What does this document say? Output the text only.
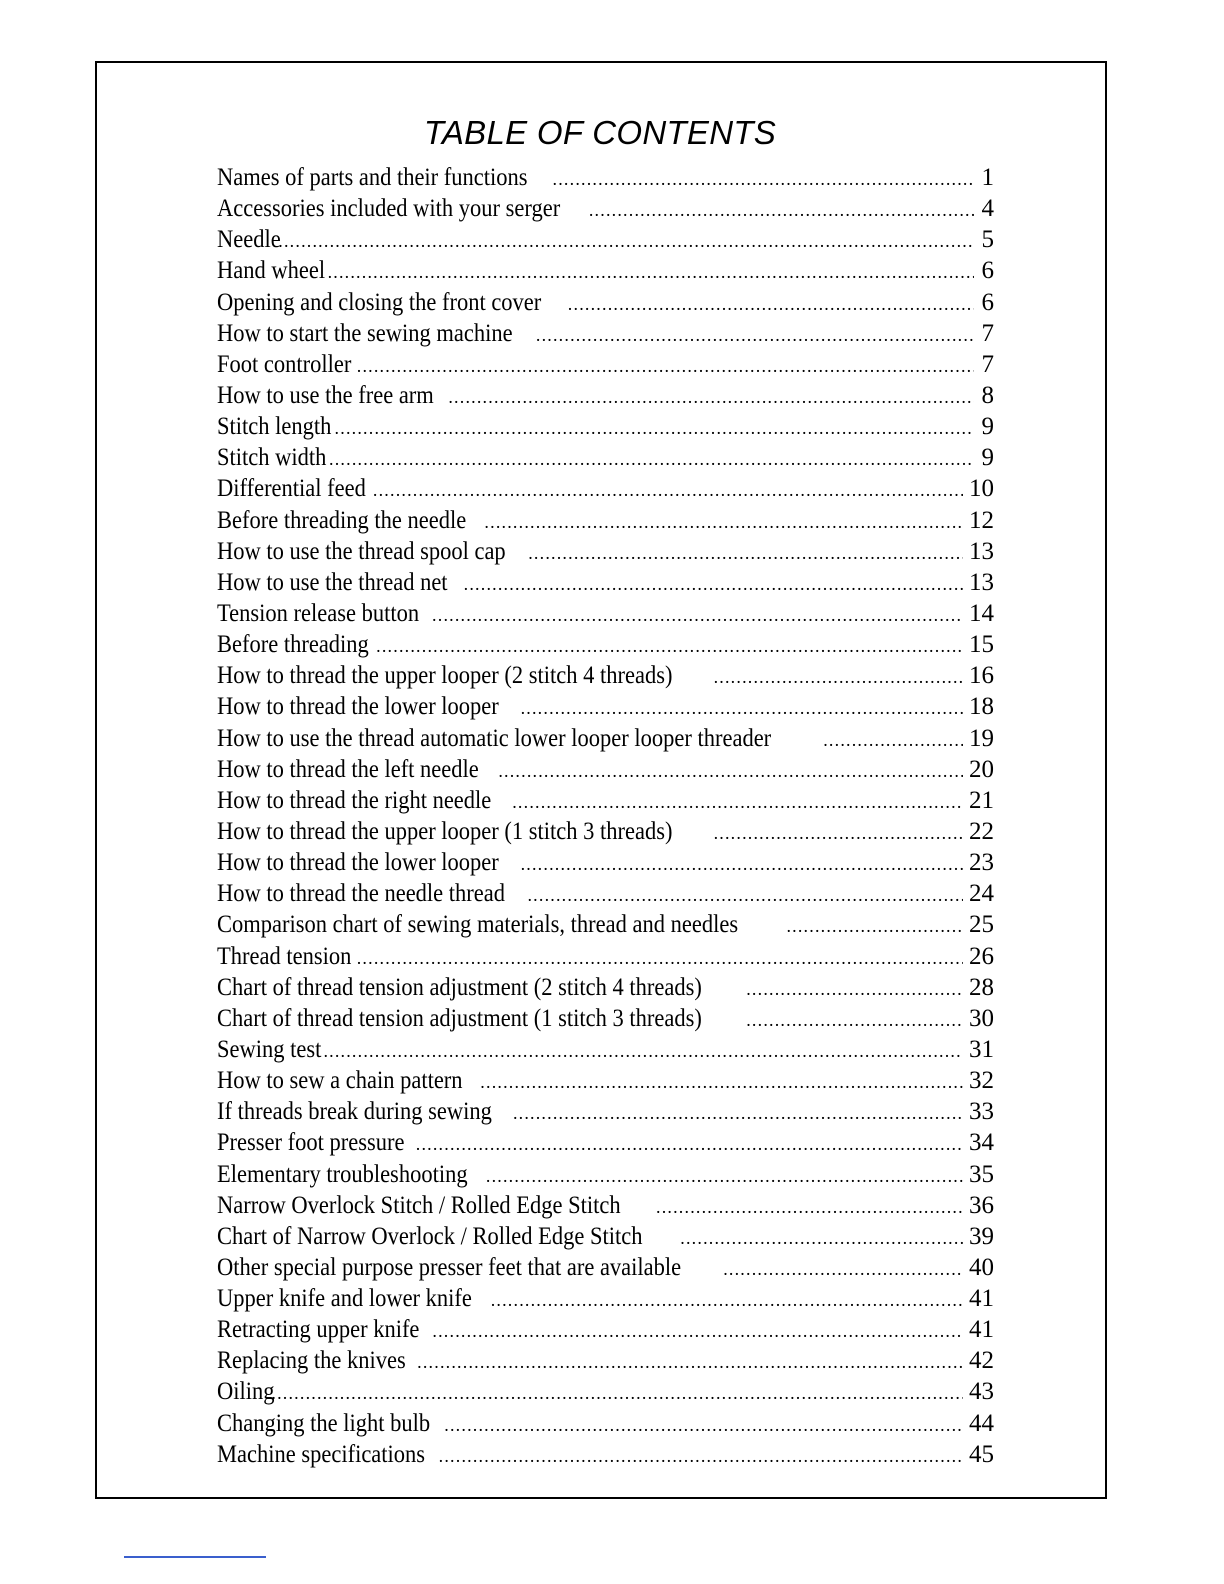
TABLE OF CONTENTS
Names of parts and their functions .....	1
Accessories included with your serger .....	4
Needle .....	5
Hand wheel .....	6
Opening and closing the front cover .....	6
How to start the sewing machine .....	7
Foot controller .....	7
How to use the free arm .....	8
Stitch length .....	9
Stitch width .....	9
Differential feed .....	10
Before threading the needle .....	12
How to use the thread spool cap .....	13
How to use the thread net .....	13
Tension release button .....	14
Before threading .....	15
How to thread the upper looper (2 stitch 4 threads) .....	16
How to thread the lower looper .....	18
How to use the thread automatic lower looper looper threader .....	19
How to thread the left needle .....	20
How to thread the right needle .....	21
How to thread the upper looper (1 stitch 3 threads) .....	22
How to thread the lower looper .....	23
How to thread the needle thread .....	24
Comparison chart of sewing materials, thread and needles .....	25
Thread tension .....	26
Chart of thread tension adjustment (2 stitch 4 threads) .....	28
Chart of thread tension adjustment (1 stitch 3 threads) .....	30
Sewing test .....	31
How to sew a chain pattern .....	32
If threads break during sewing .....	33
Presser foot pressure .....	34
Elementary troubleshooting .....	35
Narrow Overlock Stitch / Rolled Edge Stitch .....	36
Chart of Narrow Overlock / Rolled Edge Stitch .....	39
Other special purpose presser feet that are available .....	40
Upper knife and lower knife .....	41
Retracting upper knife .....	41
Replacing the knives .....	42
Oiling .....	43
Changing the light bulb .....	44
Machine specifications .....	45
